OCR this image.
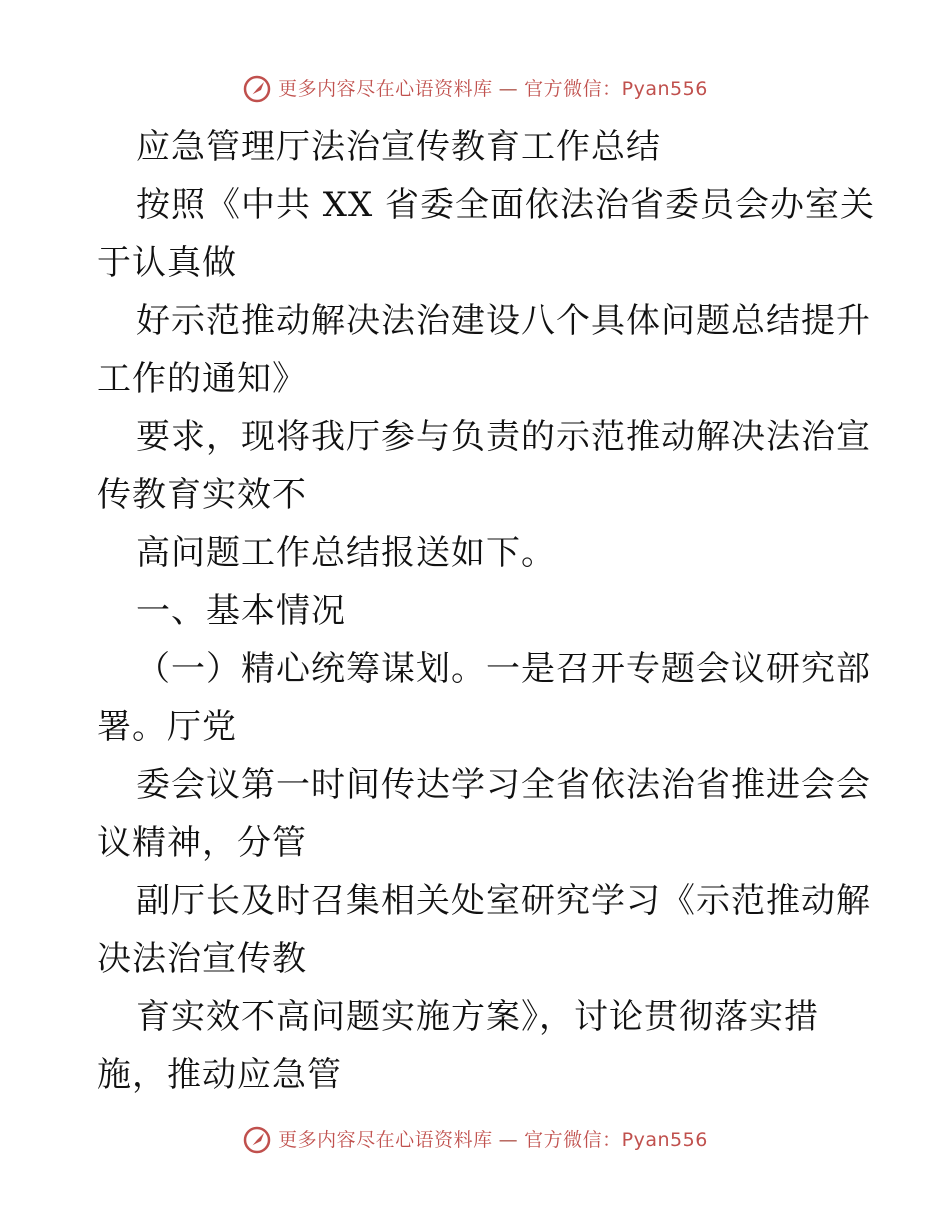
更多内容尽在心语资料库 — 官方微信：Pyan556
应急管理厅法治宣传教育工作总结
按照《中共 XX 省委全面依法治省委员会办室关
于认真做
好示范推动解决法治建设八个具体问题总结提升
工作的通知》
要求，现将我厅参与负责的示范推动解决法治宣
传教育实效不
高问题工作总结报送如下。
一、基本情况
（一）精心统筹谋划。一是召开专题会议研究部
署。厅党
委会议第一时间传达学习全省依法治省推进会会
议精神，分管
副厅长及时召集相关处室研究学习《示范推动解
决法治宣传教
育实效不高问题实施方案》，讨论贯彻落实措
施，推动应急管
更多内容尽在心语资料库 — 官方微信：Pyan556
